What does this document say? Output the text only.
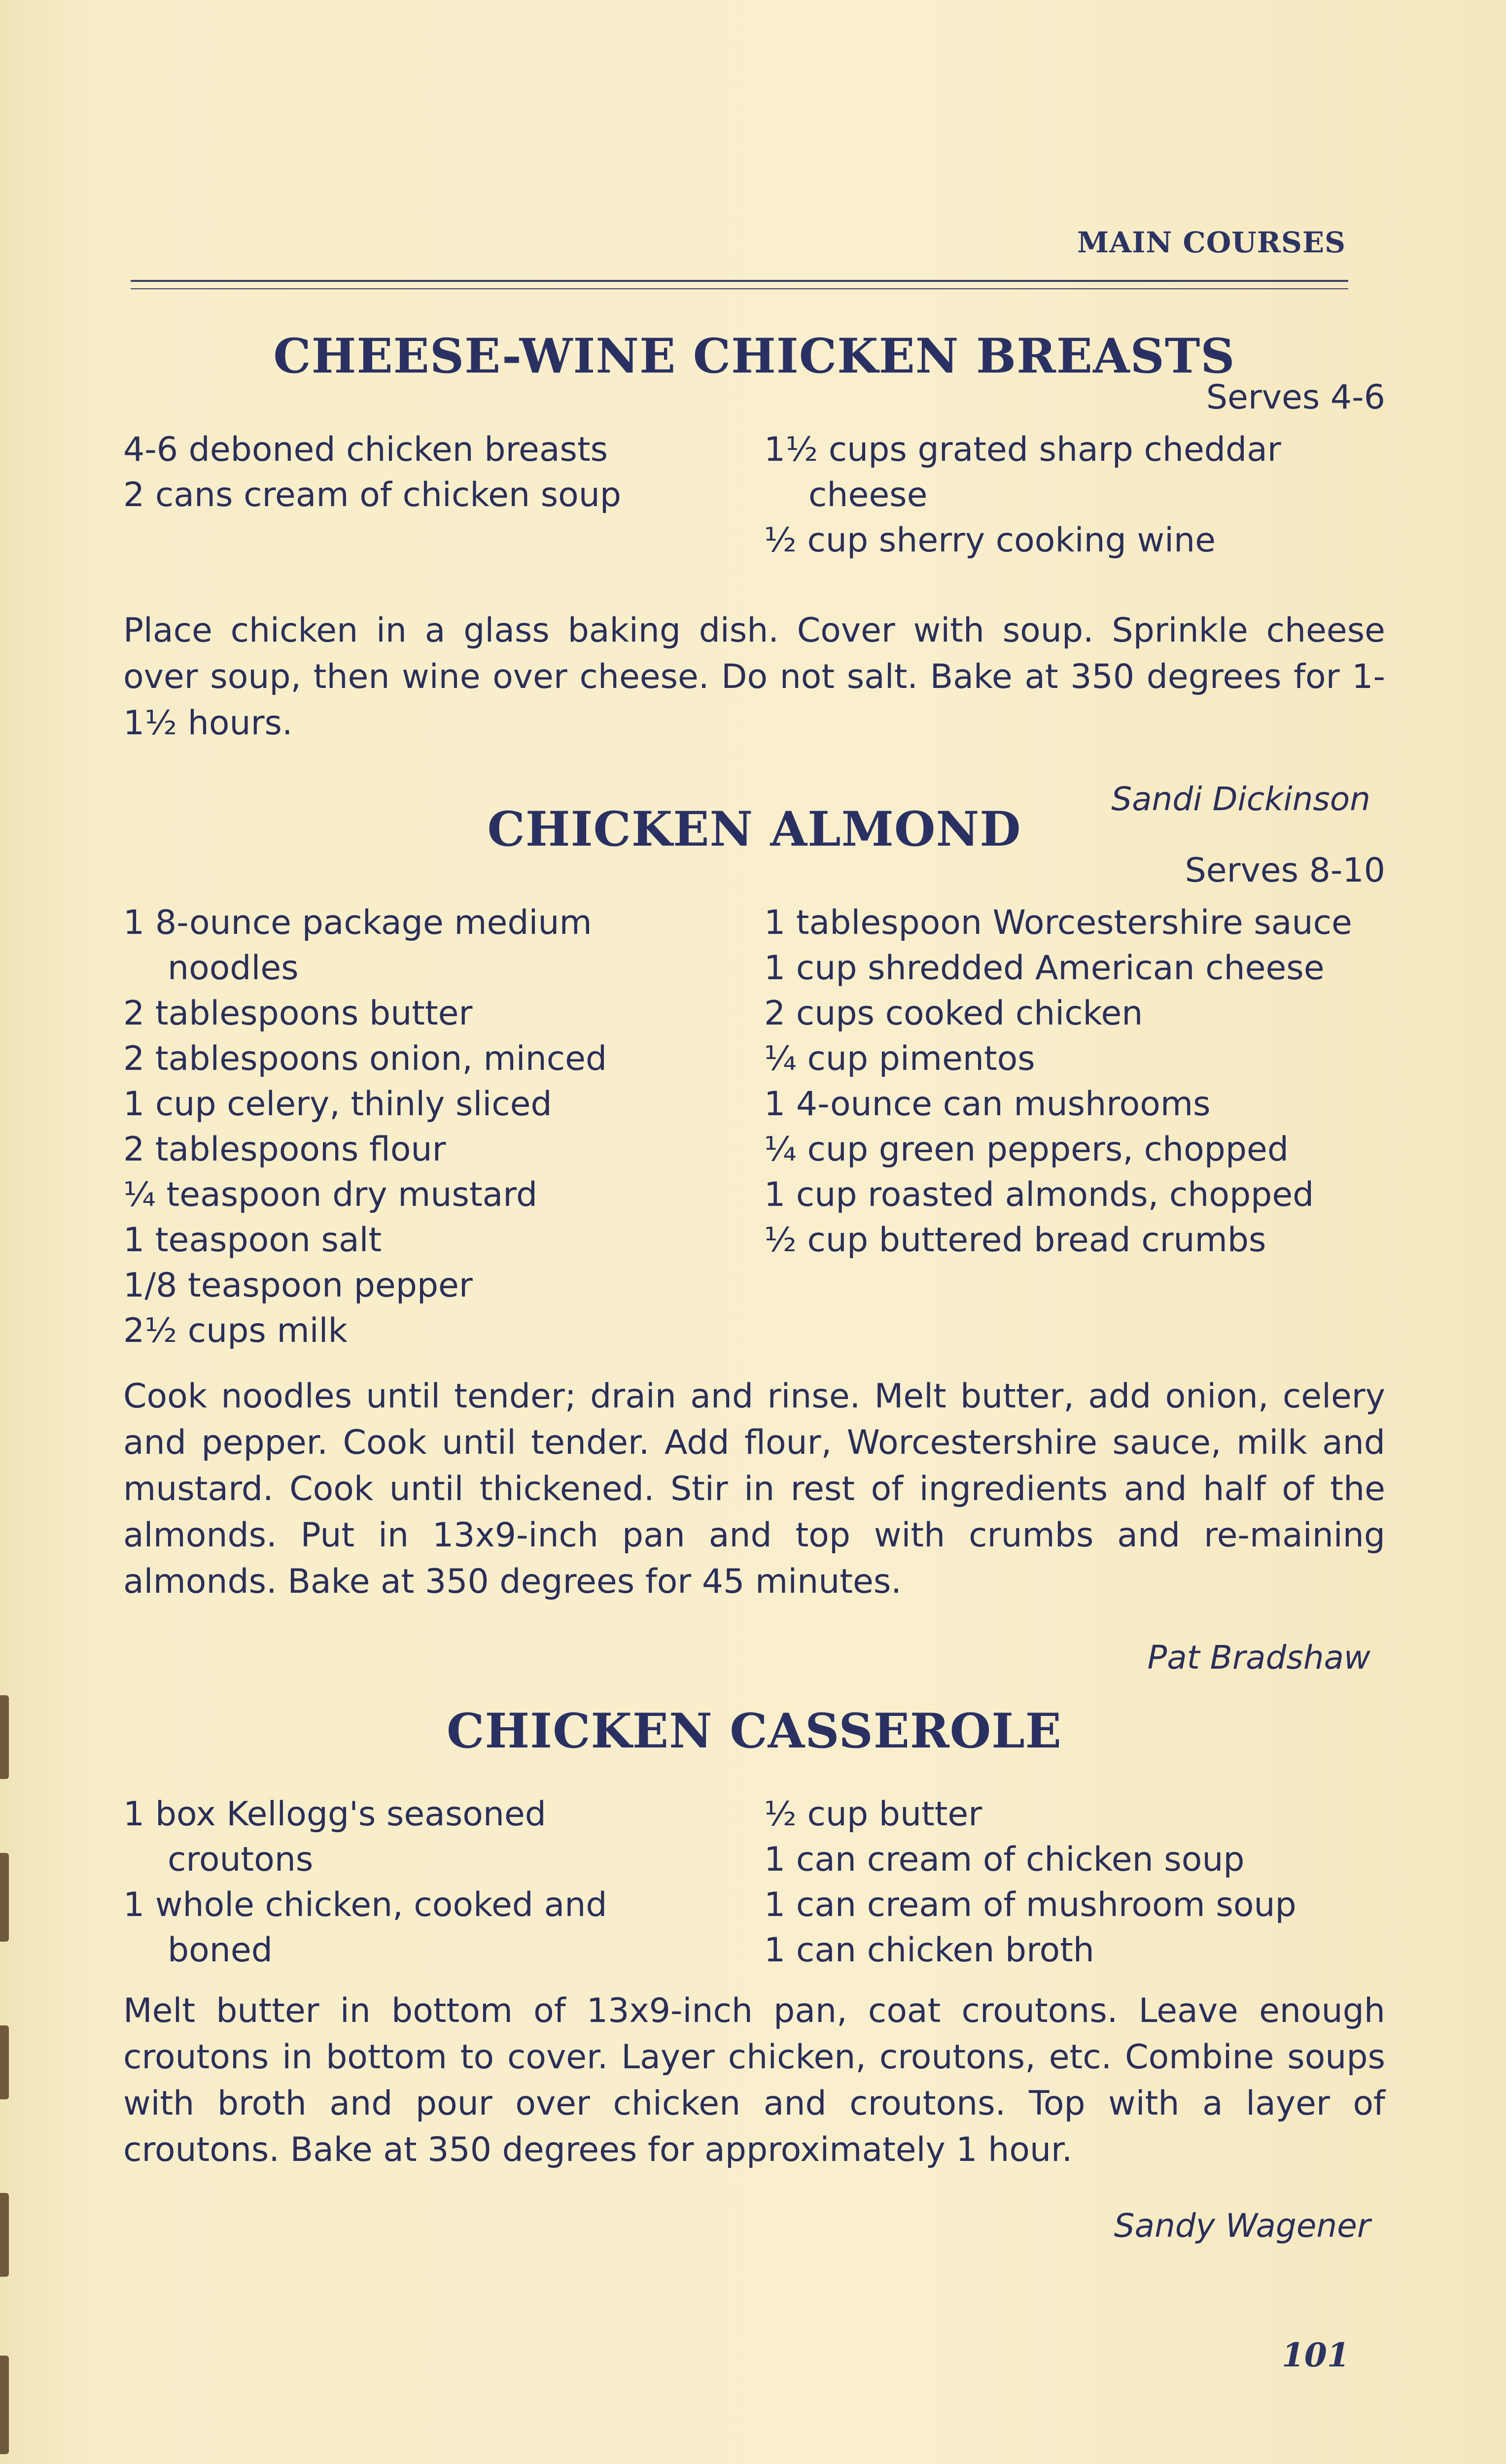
MAIN COURSES
CHEESE-WINE CHICKEN BREASTS
Serves 4-6
4-6 deboned chicken breasts
2 cans cream of chicken soup
1½ cups grated sharp cheddar
cheese
½ cup sherry cooking wine

Place chicken in a glass baking dish. Cover with soup. Sprinkle cheese over soup, then wine over cheese. Do not salt. Bake at 350 degrees for 1-1½ hours.

Sandi Dickinson
CHICKEN ALMOND
Serves 8-10
1 8-ounce package medium
noodles
2 tablespoons butter
2 tablespoons onion, minced
1 cup celery, thinly sliced
2 tablespoons flour
¼ teaspoon dry mustard
1 teaspoon salt
1/8 teaspoon pepper
2½ cups milk
1 tablespoon Worcestershire sauce
1 cup shredded American cheese
2 cups cooked chicken
¼ cup pimentos
1 4-ounce can mushrooms
¼ cup green peppers, chopped
1 cup roasted almonds, chopped
½ cup buttered bread crumbs

Cook noodles until tender; drain and rinse. Melt butter, add onion, celery and pepper. Cook until tender. Add flour, Worcestershire sauce, milk and mustard. Cook until thickened. Stir in rest of ingredients and half of the almonds. Put in 13x9-inch pan and top with crumbs and re-maining almonds. Bake at 350 degrees for 45 minutes.

Pat Bradshaw
CHICKEN CASSEROLE
1 box Kellogg's seasoned
croutons
1 whole chicken, cooked and
boned
½ cup butter
1 can cream of chicken soup
1 can cream of mushroom soup
1 can chicken broth

Melt butter in bottom of 13x9-inch pan, coat croutons. Leave enough croutons in bottom to cover. Layer chicken, croutons, etc. Combine soups with broth and pour over chicken and croutons. Top with a layer of croutons. Bake at 350 degrees for approximately 1 hour.

Sandy Wagener
101
